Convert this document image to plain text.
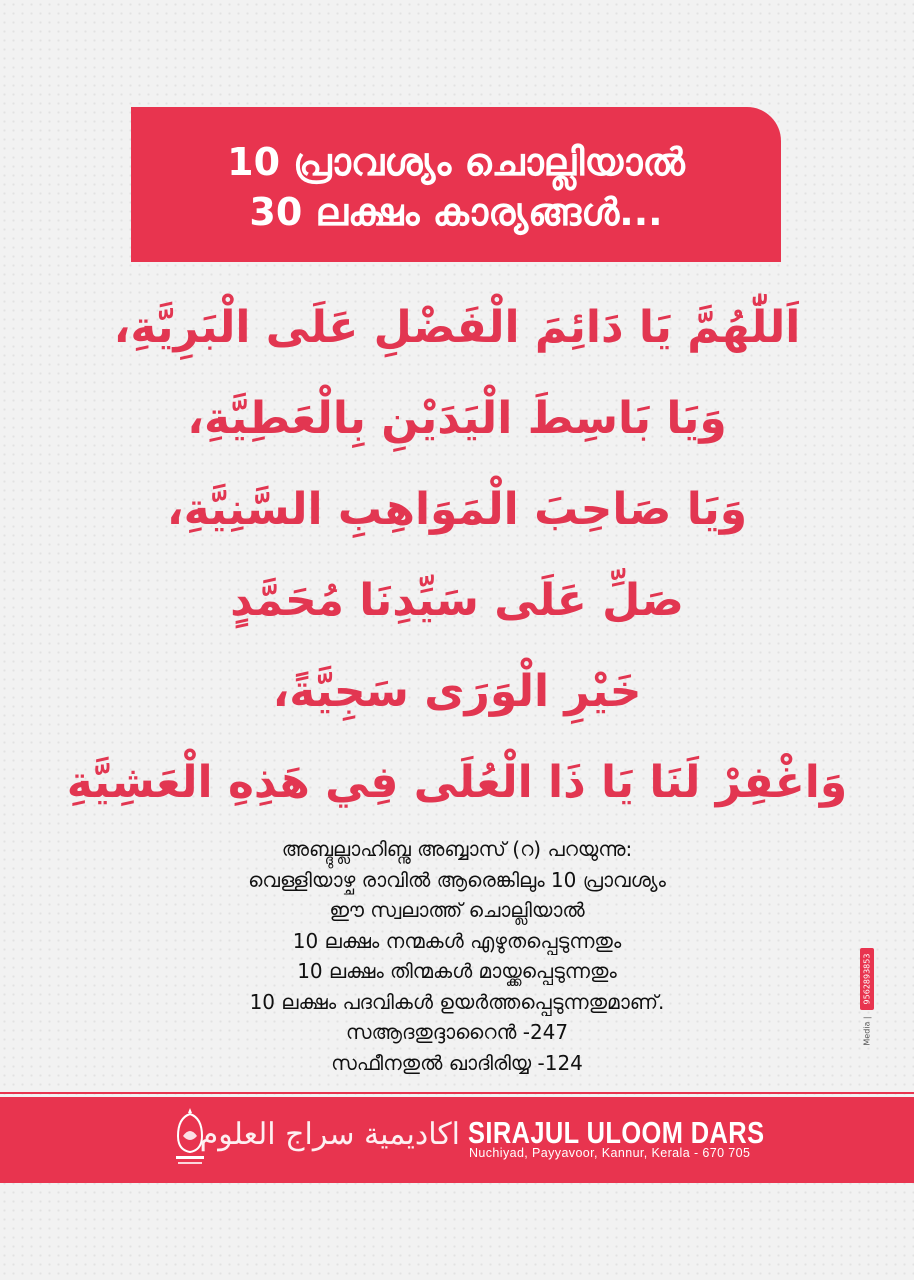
10 പ്രാവശ്യം ചൊല്ലിയാൽ
30 ലക്ഷം കാര്യങ്ങൾ...
اَللّٰهُمَّ يَا دَائِمَ الْفَضْلِ عَلَى الْبَرِيَّةِ،
وَيَا بَاسِطَ الْيَدَيْنِ بِالْعَطِيَّةِ،
وَيَا صَاحِبَ الْمَوَاهِبِ السَّنِيَّةِ،
صَلِّ عَلَى سَيِّدِنَا مُحَمَّدٍ
خَيْرِ الْوَرَى سَجِيَّةً،
وَاغْفِرْ لَنَا يَا ذَا الْعُلَى فِي هَذِهِ الْعَشِيَّةِ
അബ്ദുല്ലാഹിബ്നു അബ്ബാസ് (റ) പറയുന്നു:
വെള്ളിയാഴ്ച രാവിൽ ആരെങ്കിലും 10 പ്രാവശ്യം
ഈ സ്വലാത്ത് ചൊല്ലിയാൽ
10 ലക്ഷം നന്മകൾ എഴുതപ്പെടുന്നതും
10 ലക്ഷം തിന്മകൾ മായ്ക്കപ്പെടുന്നതും
10 ലക്ഷം പദവികൾ ഉയർത്തപ്പെടുന്നതുമാണ്.
സആദതുദ്ദാറൈൻ -247
സഫീനതുൽ ഖാദിരിയ്യ -124
9562893853
Media |
اكاديمية سراج العلوم SIRAJUL ULOOM DARS
Nuchiyad, Payyavoor, Kannur, Kerala - 670 705
